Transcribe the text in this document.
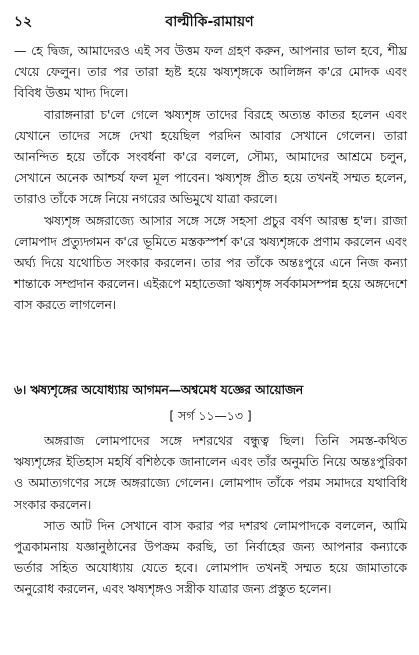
১২	বাল্মীকি-রামায়ণ

— হে দ্বিজ, আমাদেরও এই সব উত্তম ফল গ্রহণ করুন, আপনার ভাল হবে, শীঘ্র খেয়ে ফেলুন। তার পর তারা হৃষ্ট হয়ে ঋষ্যশৃঙ্গকে আলিঙ্গন ক'রে মোদক এবং বিবিধ উত্তম খাদ্য দিলে।

বারাঙ্গনারা চ'লে গেলে ঋষ্যশৃঙ্গ তাদের বিরহে অত্যন্ত কাতর হলেন এবং যেখানে তাদের সঙ্গে দেখা হয়েছিল পরদিন আবার সেখানে গেলেন। তারা আনন্দিত হয়ে তাঁকে সংবর্ধনা ক'রে বললে, সৌম্য, আমাদের আশ্রমে চলুন, সেখানে অনেক আশ্চর্য ফল মূল পাবেন। ঋষ্যশৃঙ্গ প্রীত হয়ে তখনই সম্মত হলেন, তারাও তাঁকে সঙ্গে নিয়ে নগরের অভিমুখে যাত্রা করলে।

ঋষ্যশৃঙ্গ অঙ্গরাজ্যে আসার সঙ্গে সঙ্গে সহসা প্রচুর বর্ষণ আরম্ভ হ'ল। রাজা লোমপাদ প্রত্যুদ্গমন ক'রে ভূমিতে মস্তকস্পর্শ ক'রে ঋষ্যশৃঙ্গকে প্রণাম করলেন এবং অর্ঘ্য দিয়ে যথোচিত সংকার করলেন। তার পর তাঁকে অন্তঃপুরে এনে নিজ কন্যা শান্তাকে সম্প্রদান করলেন। এইরূপে মহাতেজা ঋষ্যশৃঙ্গ সর্বকামসম্পন্ন হয়ে অঙ্গদেশে বাস করতে লাগলেন।

৬। ঋষ্যশৃঙ্গের অযোধ্যায় আগমন—অশ্বমেধ যজ্ঞের আয়োজন
[ সর্গ ১১—১৩ ]

অঙ্গরাজ লোমপাদের সঙ্গে দশরথের বন্ধুত্ব ছিল। তিনি সমস্ত-কথিত ঋষ্যশৃঙ্গের ইতিহাস মহর্ষি বশিষ্ঠকে জানালেন এবং তাঁর অনুমতি নিয়ে অন্তঃপুরিকা ও অমাত্যগণের সঙ্গে অঙ্গরাজ্যে গেলেন। লোমপাদ তাঁকে পরম সমাদরে যথাবিধি সংকার করলেন।

সাত আট দিন সেখানে বাস করার পর দশরথ লোমপাদকে বললেন, আমি পুত্রকামনায় যজ্ঞানুষ্ঠানের উপক্রম করছি, তা নির্বাহের জন্য আপনার কন্যাকে ভর্তার সহিত অযোধ্যায় যেতে হবে। লোমপাদ তখনই সম্মত হয়ে জামাতাকে অনুরোধ করলেন, এবং ঋষ্যশৃঙ্গও সস্ত্রীক যাত্রার জন্য প্রস্তুত হলেন।
